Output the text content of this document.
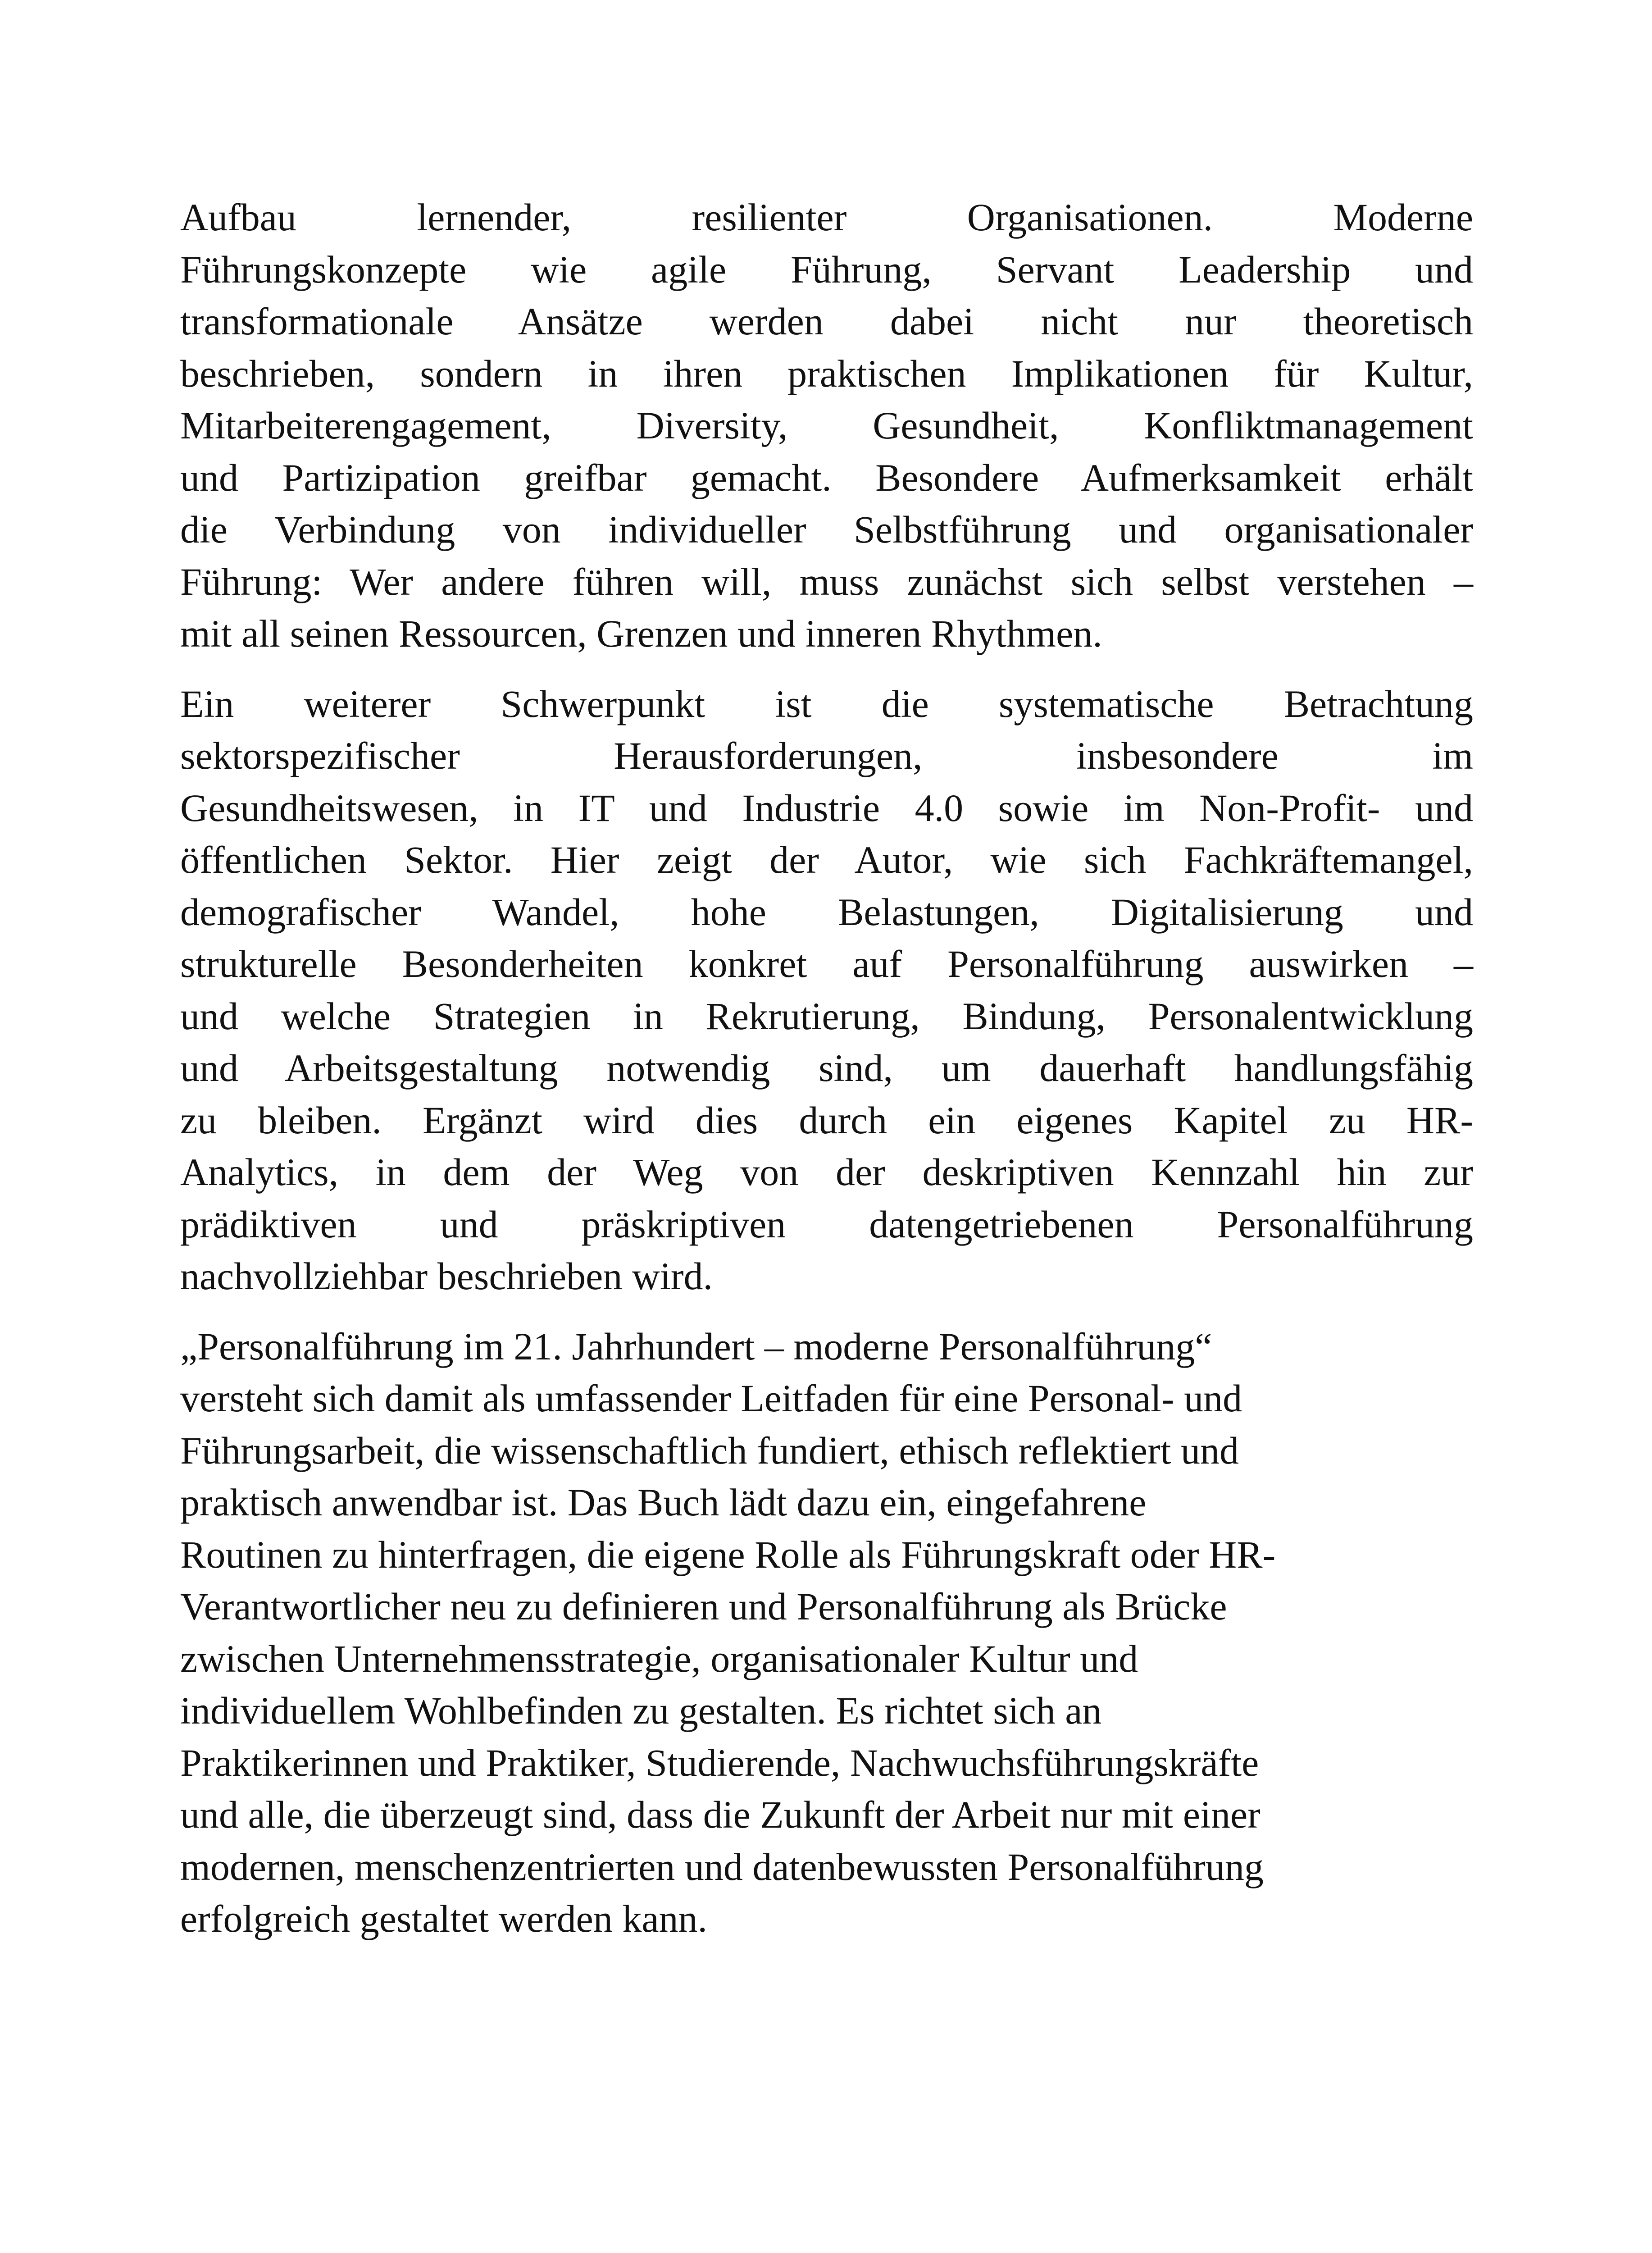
Aufbau lernender, resilienter Organisationen. Moderne
Führungskonzepte wie agile Führung, Servant Leadership und
transformationale Ansätze werden dabei nicht nur theoretisch
beschrieben, sondern in ihren praktischen Implikationen für Kultur,
Mitarbeiterengagement, Diversity, Gesundheit, Konfliktmanagement
und Partizipation greifbar gemacht. Besondere Aufmerksamkeit erhält
die Verbindung von individueller Selbstführung und organisationaler
Führung: Wer andere führen will, muss zunächst sich selbst verstehen –
mit all seinen Ressourcen, Grenzen und inneren Rhythmen.
Ein weiterer Schwerpunkt ist die systematische Betrachtung
sektorspezifischer Herausforderungen, insbesondere im
Gesundheitswesen, in IT und Industrie 4.0 sowie im Non-Profit- und
öffentlichen Sektor. Hier zeigt der Autor, wie sich Fachkräftemangel,
demografischer Wandel, hohe Belastungen, Digitalisierung und
strukturelle Besonderheiten konkret auf Personalführung auswirken –
und welche Strategien in Rekrutierung, Bindung, Personalentwicklung
und Arbeitsgestaltung notwendig sind, um dauerhaft handlungsfähig
zu bleiben. Ergänzt wird dies durch ein eigenes Kapitel zu HR-
Analytics, in dem der Weg von der deskriptiven Kennzahl hin zur
prädiktiven und präskriptiven datengetriebenen Personalführung
nachvollziehbar beschrieben wird.
„Personalführung im 21. Jahrhundert – moderne Personalführung“
versteht sich damit als umfassender Leitfaden für eine Personal- und
Führungsarbeit, die wissenschaftlich fundiert, ethisch reflektiert und
praktisch anwendbar ist. Das Buch lädt dazu ein, eingefahrene
Routinen zu hinterfragen, die eigene Rolle als Führungskraft oder HR-
Verantwortlicher neu zu definieren und Personalführung als Brücke
zwischen Unternehmensstrategie, organisationaler Kultur und
individuellem Wohlbefinden zu gestalten. Es richtet sich an
Praktikerinnen und Praktiker, Studierende, Nachwuchsführungskräfte
und alle, die überzeugt sind, dass die Zukunft der Arbeit nur mit einer
modernen, menschenzentrierten und datenbewussten Personalführung
erfolgreich gestaltet werden kann.
